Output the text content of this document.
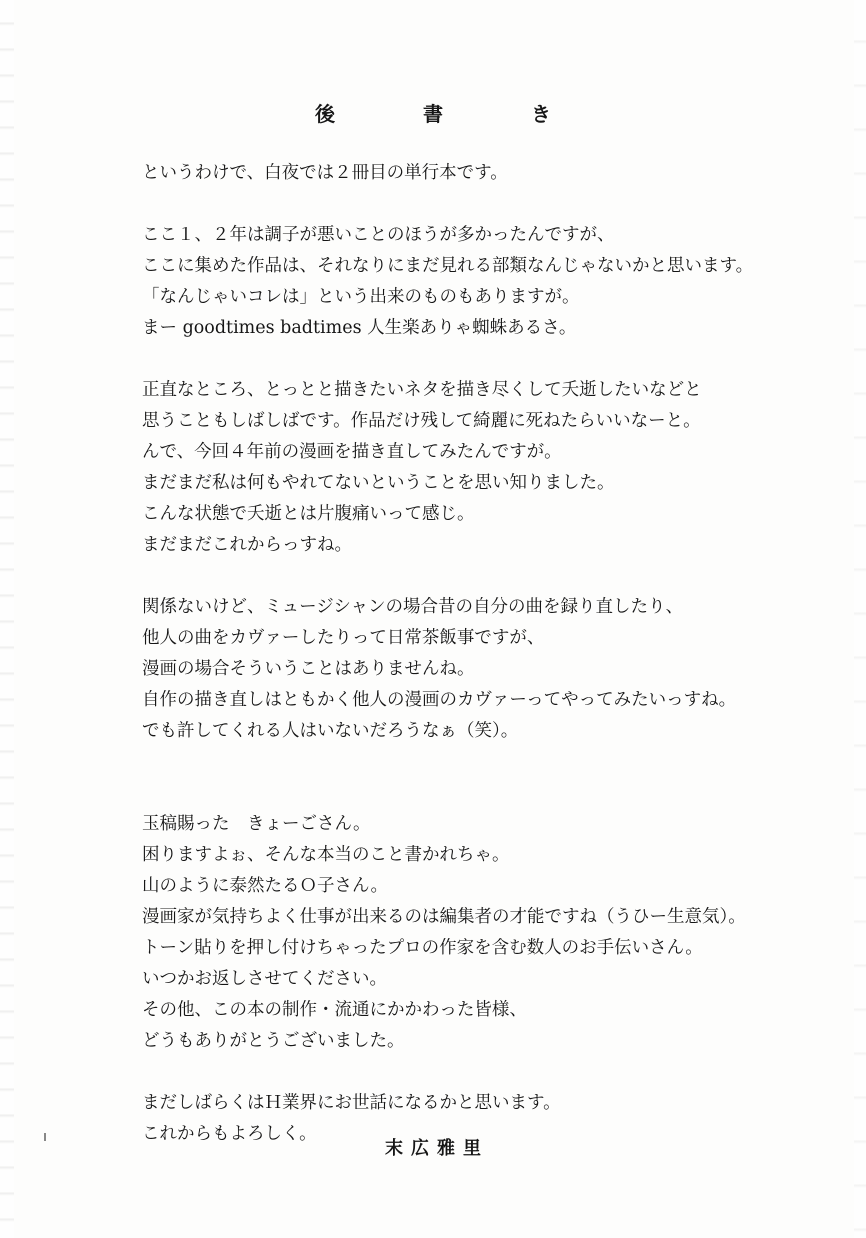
後　書　き
というわけで、白夜では２冊目の単行本です。
ここ１、２年は調子が悪いことのほうが多かったんですが、
ここに集めた作品は、それなりにまだ見れる部類なんじゃないかと思います。
「なんじゃいコレは」という出来のものもありますが。
まー goodtimes badtimes 人生楽ありゃ蜘蛛あるさ。
正直なところ、とっとと描きたいネタを描き尽くして夭逝したいなどと
思うこともしばしばです。作品だけ残して綺麗に死ねたらいいなーと。
んで、今回４年前の漫画を描き直してみたんですが。
まだまだ私は何もやれてないということを思い知りました。
こんな状態で夭逝とは片腹痛いって感じ。
まだまだこれからっすね。
関係ないけど、ミュージシャンの場合昔の自分の曲を録り直したり、
他人の曲をカヴァーしたりって日常茶飯事ですが、
漫画の場合そういうことはありませんね。
自作の描き直しはともかく他人の漫画のカヴァーってやってみたいっすね。
でも許してくれる人はいないだろうなぁ（笑）。
玉稿賜った　きょーごさん。
困りますよぉ、そんな本当のこと書かれちゃ。
山のように泰然たるＯ子さん。
漫画家が気持ちよく仕事が出来るのは編集者の才能ですね（うひー生意気）。
トーン貼りを押し付けちゃったプロの作家を含む数人のお手伝いさん。
いつかお返しさせてください。
その他、この本の制作・流通にかかわった皆様、
どうもありがとうございました。
まだしばらくはＨ業界にお世話になるかと思います。
これからもよろしく。
末広雅里
